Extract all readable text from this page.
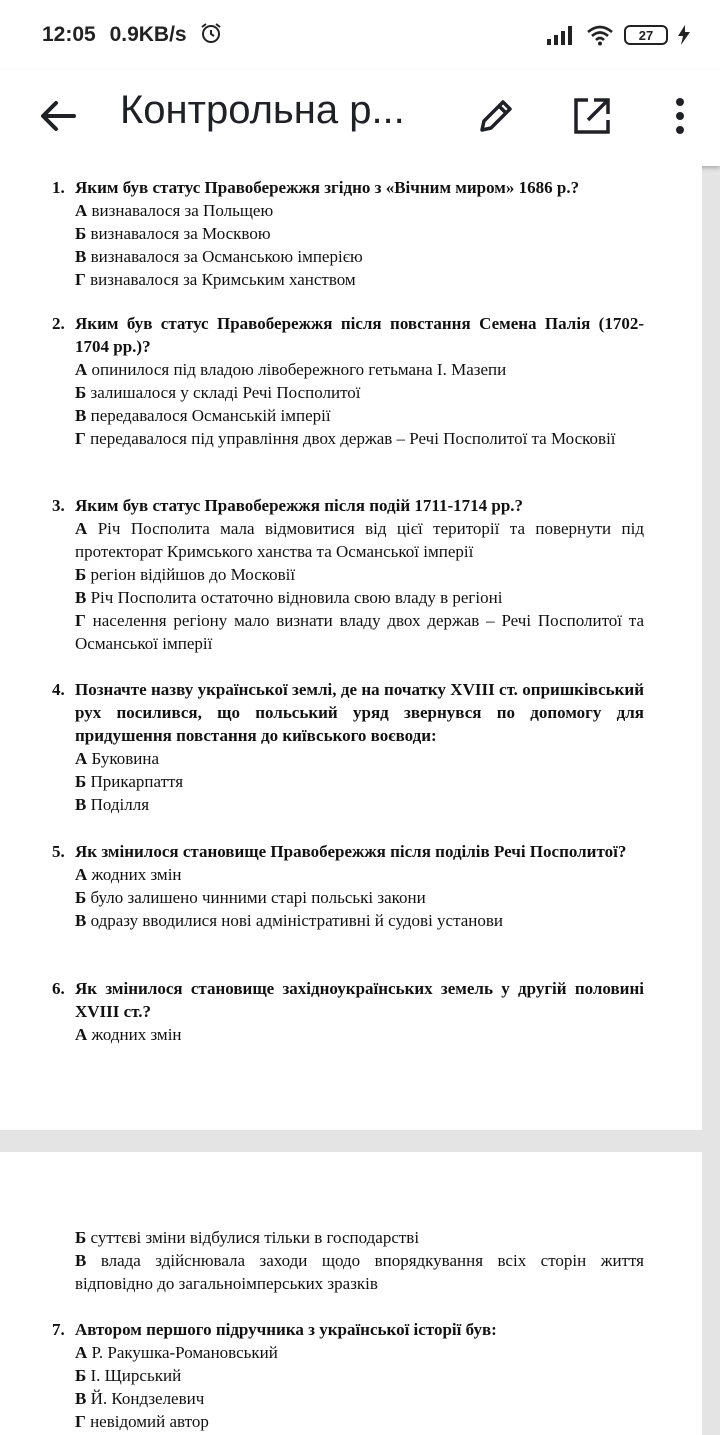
12:05 0.9KB/s	27
Контрольна р...
1. Яким був статус Правобережжя згідно з «Вічним миром» 1686 р.?
А визнавалося за Польщею
Б визнавалося за Москвою
В визнавалося за Османською імперією
Г визнавалося за Кримським ханством
2. Яким був статус Правобережжя після повстання Семена Палія (1702-1704 рр.)?
А опинилося під владою лівобережного гетьмана І. Мазепи
Б залишалося у складі Речі Посполитої
В передавалося Османській імперії
Г передавалося під управління двох держав – Речі Посполитої та Московії
3. Яким був статус Правобережжя після подій 1711-1714 рр.?
А Річ Посполита мала відмовитися від цієї території та повернути під протекторат Кримського ханства та Османської імперії
Б регіон відійшов до Московії
В Річ Посполита остаточно відновила свою владу в регіоні
Г населення регіону мало визнати владу двох держав – Речі Посполитої та Османської імперії
4. Позначте назву української землі, де на початку XVIII ст. опришківський рух посилився, що польський уряд звернувся по допомогу для придушення повстання до київського воєводи:
А Буковина
Б Прикарпаття
В Поділля
5. Як змінилося становище Правобережжя після поділів Речі Посполитої?
А жодних змін
Б було залишено чинними старі польські закони
В одразу вводилися нові адміністративні й судові установи
6. Як змінилося становище західноукраїнських земель у другій половині XVIII ст.?
А жодних змін
Б суттєві зміни відбулися тільки в господарстві
В влада здійснювала заходи щодо впорядкування всіх сторін життя відповідно до загальноімперських зразків
7. Автором першого підручника з української історії був:
А Р. Ракушка-Романовський
Б І. Щирський
В Й. Кондзелевич
Г невідомий автор
